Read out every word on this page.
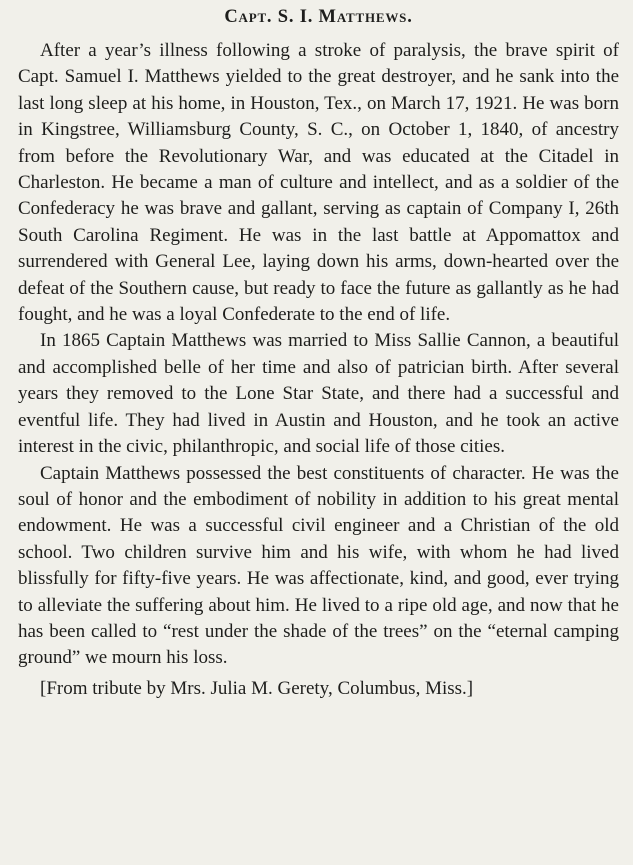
Capt. S. I. Matthews.

After a year’s illness following a stroke of paralysis, the brave spirit of Capt. Samuel I. Matthews yielded to the great destroyer, and he sank into the last long sleep at his home, in Houston, Tex., on March 17, 1921. He was born in Kingstree, Williamsburg County, S. C., on October 1, 1840, of ancestry from before the Revolutionary War, and was educated at the Citadel in Charleston. He became a man of culture and intellect, and as a soldier of the Confederacy he was brave and gallant, serving as captain of Company I, 26th South Carolina Regiment. He was in the last battle at Appomattox and surrendered with General Lee, laying down his arms, down-hearted over the defeat of the Southern cause, but ready to face the future as gallantly as he had fought, and he was a loyal Confederate to the end of life.

In 1865 Captain Matthews was married to Miss Sallie Cannon, a beautiful and accomplished belle of her time and also of patrician birth. After several years they removed to the Lone Star State, and there had a successful and eventful life. They had lived in Austin and Houston, and he took an active interest in the civic, philanthropic, and social life of those cities.

Captain Matthews possessed the best constituents of character. He was the soul of honor and the embodiment of nobility in addition to his great mental endowment. He was a successful civil engineer and a Christian of the old school. Two children survive him and his wife, with whom he had lived blissfully for fifty-five years. He was affectionate, kind, and good, ever trying to alleviate the suffering about him. He lived to a ripe old age, and now that he has been called to “rest under the shade of the trees” on the “eternal camping ground” we mourn his loss.

[From tribute by Mrs. Julia M. Gerety, Columbus, Miss.]
